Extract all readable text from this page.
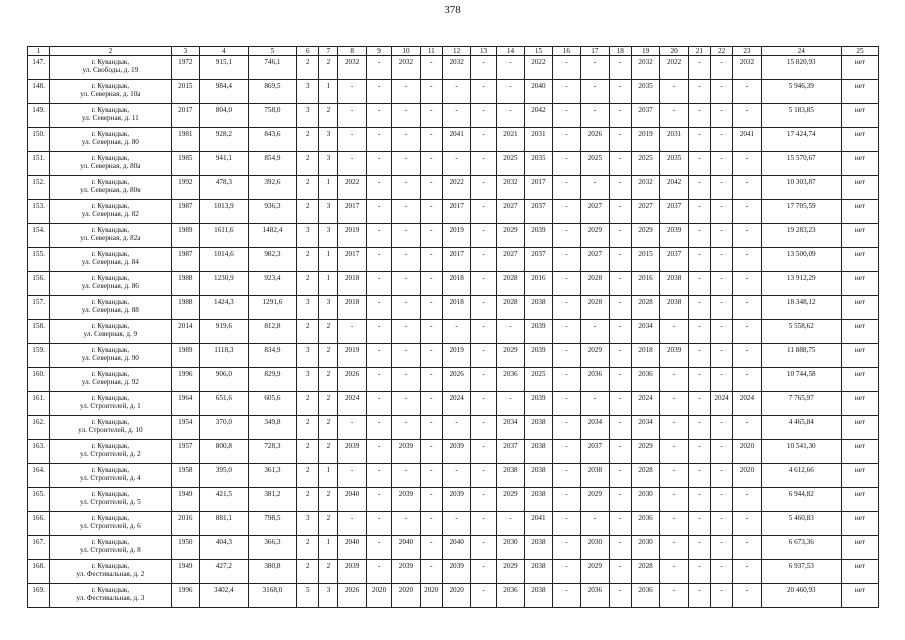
378
1	2	3	4	5	6	7	8	9	10	11	12	13	14	15	16	17	18	19	20	21	22	23	24	25
147.	г. Кувандык,
ул. Свободы, д. 19	1972	915,1	746,1	2	2	2032	-	2032	-	2032	-	-	2022	-	-	-	2032	2022	-	-	2032	15 820,93	нет
148.	г. Кувандык,
ул. Северная, д. 10а	2015	984,4	869,5	3	1	-	-	-	-	-	-	-	2040	-	-	-	2035	-	-	-	-	5 946,39	нет
149.	г. Кувандык,
ул. Северная, д. 11	2017	804,0	758,0	3	2	-	-	-	-	-	-	-	2042	-	-	-	2037	-	-	-	-	5 183,85	нет
150.	г. Кувандык,
ул. Северная, д. 80	1981	928,2	843,6	2	3	-	-	-	-	2041	-	2021	2031	-	2026	-	2019	2031	-	-	2041	17 424,74	нет
151.	г. Кувандык,
ул. Северная, д. 80а	1985	941,1	854,9	2	3	-	-	-	-	-	-	2025	2035	-	2025	-	2025	2035	-	-	-	15 570,67	нет
152.	г. Кувандык,
ул. Северная, д. 80в	1992	478,3	392,6	2	1	2022	-	-	-	2022	-	2032	2017	-	-	-	2032	2042	-	-	-	10 303,87	нет
153.	г. Кувандык,
ул. Северная, д. 82	1987	1013,9	936,3	2	3	2017	-	-	-	2017	-	2027	2037	-	2027	-	2027	2037	-	-	-	17 705,59	нет
154.	г. Кувандык,
ул. Северная, д. 82а	1989	1611,6	1482,4	3	3	2019	-	-	-	2019	-	2029	2039	-	2029	-	2029	2039	-	-	-	19 283,23	нет
155.	г. Кувандык,
ул. Северная, д. 84	1987	1014,6	982,3	2	1	2017	-	-	-	2017	-	2027	2037	-	2027	-	2015	2037	-	-	-	13 500,09	нет
156.	г. Кувандык,
ул. Северная, д. 86	1988	1230,9	923,4	2	1	2018	-	-	-	2018	-	2028	2016	-	2028	-	2016	2038	-	-	-	13 912,29	нет
157.	г. Кувандык,
ул. Северная, д. 88	1988	1424,3	1291,6	3	3	2018	-	-	-	2018	-	2028	2038	-	2028	-	2028	2038	-	-	-	18 348,12	нет
158.	г. Кувандык,
ул. Северная, д. 9	2014	919,6	812,8	2	2	-	-	-	-	-	-	-	2039	-	-	-	2034	-	-	-	-	5 558,62	нет
159.	г. Кувандык,
ул. Северная, д. 90	1989	1118,3	834,9	3	2	2019	-	-	-	2019	-	2029	2039	-	2029	-	2018	2039	-	-	-	11 888,75	нет
160.	г. Кувандык,
ул. Северная, д. 92	1996	906,0	829,9	3	2	2026	-	-	-	2026	-	2036	2025	-	2036	-	2036	-	-	-	-	10 744,58	нет
161.	г. Кувандык,
ул. Строителей, д. 1	1964	651,6	605,6	2	2	2024	-	-	-	2024	-	-	2039	-	-	-	2024	-	-	2024	2024	7 765,97	нет
162.	г. Кувандык,
ул. Строителей, д. 10	1954	370,0	349,8	2	2	-	-	-	-	-	-	2034	2038	-	2034	-	2034	-	-	-	-	4 465,84	нет
163.	г. Кувандык,
ул. Строителей, д. 2	1957	800,8	728,3	2	2	2039	-	2039	-	2039	-	2037	2038	-	2037	-	2029	-	-	-	2020	10 541,30	нет
164.	г. Кувандык,
ул. Строителей, д. 4	1958	395,0	361,3	2	1	-	-	-	-	-	-	2038	2038	-	2038	-	2028	-	-	-	2020	4 612,66	нет
165.	г. Кувандык,
ул. Строителей, д. 5	1949	421,5	381,2	2	2	2040	-	2039	-	2039	-	2029	2038	-	2029	-	2030	-	-	-	-	6 944,82	нет
166.	г. Кувандык,
ул. Строителей, д. 6	2016	881,1	798,5	3	2	-	-	-	-	-	-	-	2041	-	-	-	2036	-	-	-	-	5 460,83	нет
167.	г. Кувандык,
ул. Строителей, д. 8	1950	404,3	366,3	2	1	2040	-	2040	-	2040	-	2030	2038	-	2030	-	2030	-	-	-	-	6 673,36	нет
168.	г. Кувандык,
ул. Фестивальная, д. 2	1949	427,2	380,8	2	2	2039	-	2039	-	2039	-	2029	2038	-	2029	-	2028	-	-	-	-	6 937,53	нет
169.	г. Кувандык,
ул. Фестивальная, д. 3	1996	3402,4	3168,0	5	3	2026	2020	2020	2020	2020	-	2036	2038	-	2036	-	2036	-	-	-	-	20 460,93	нет
